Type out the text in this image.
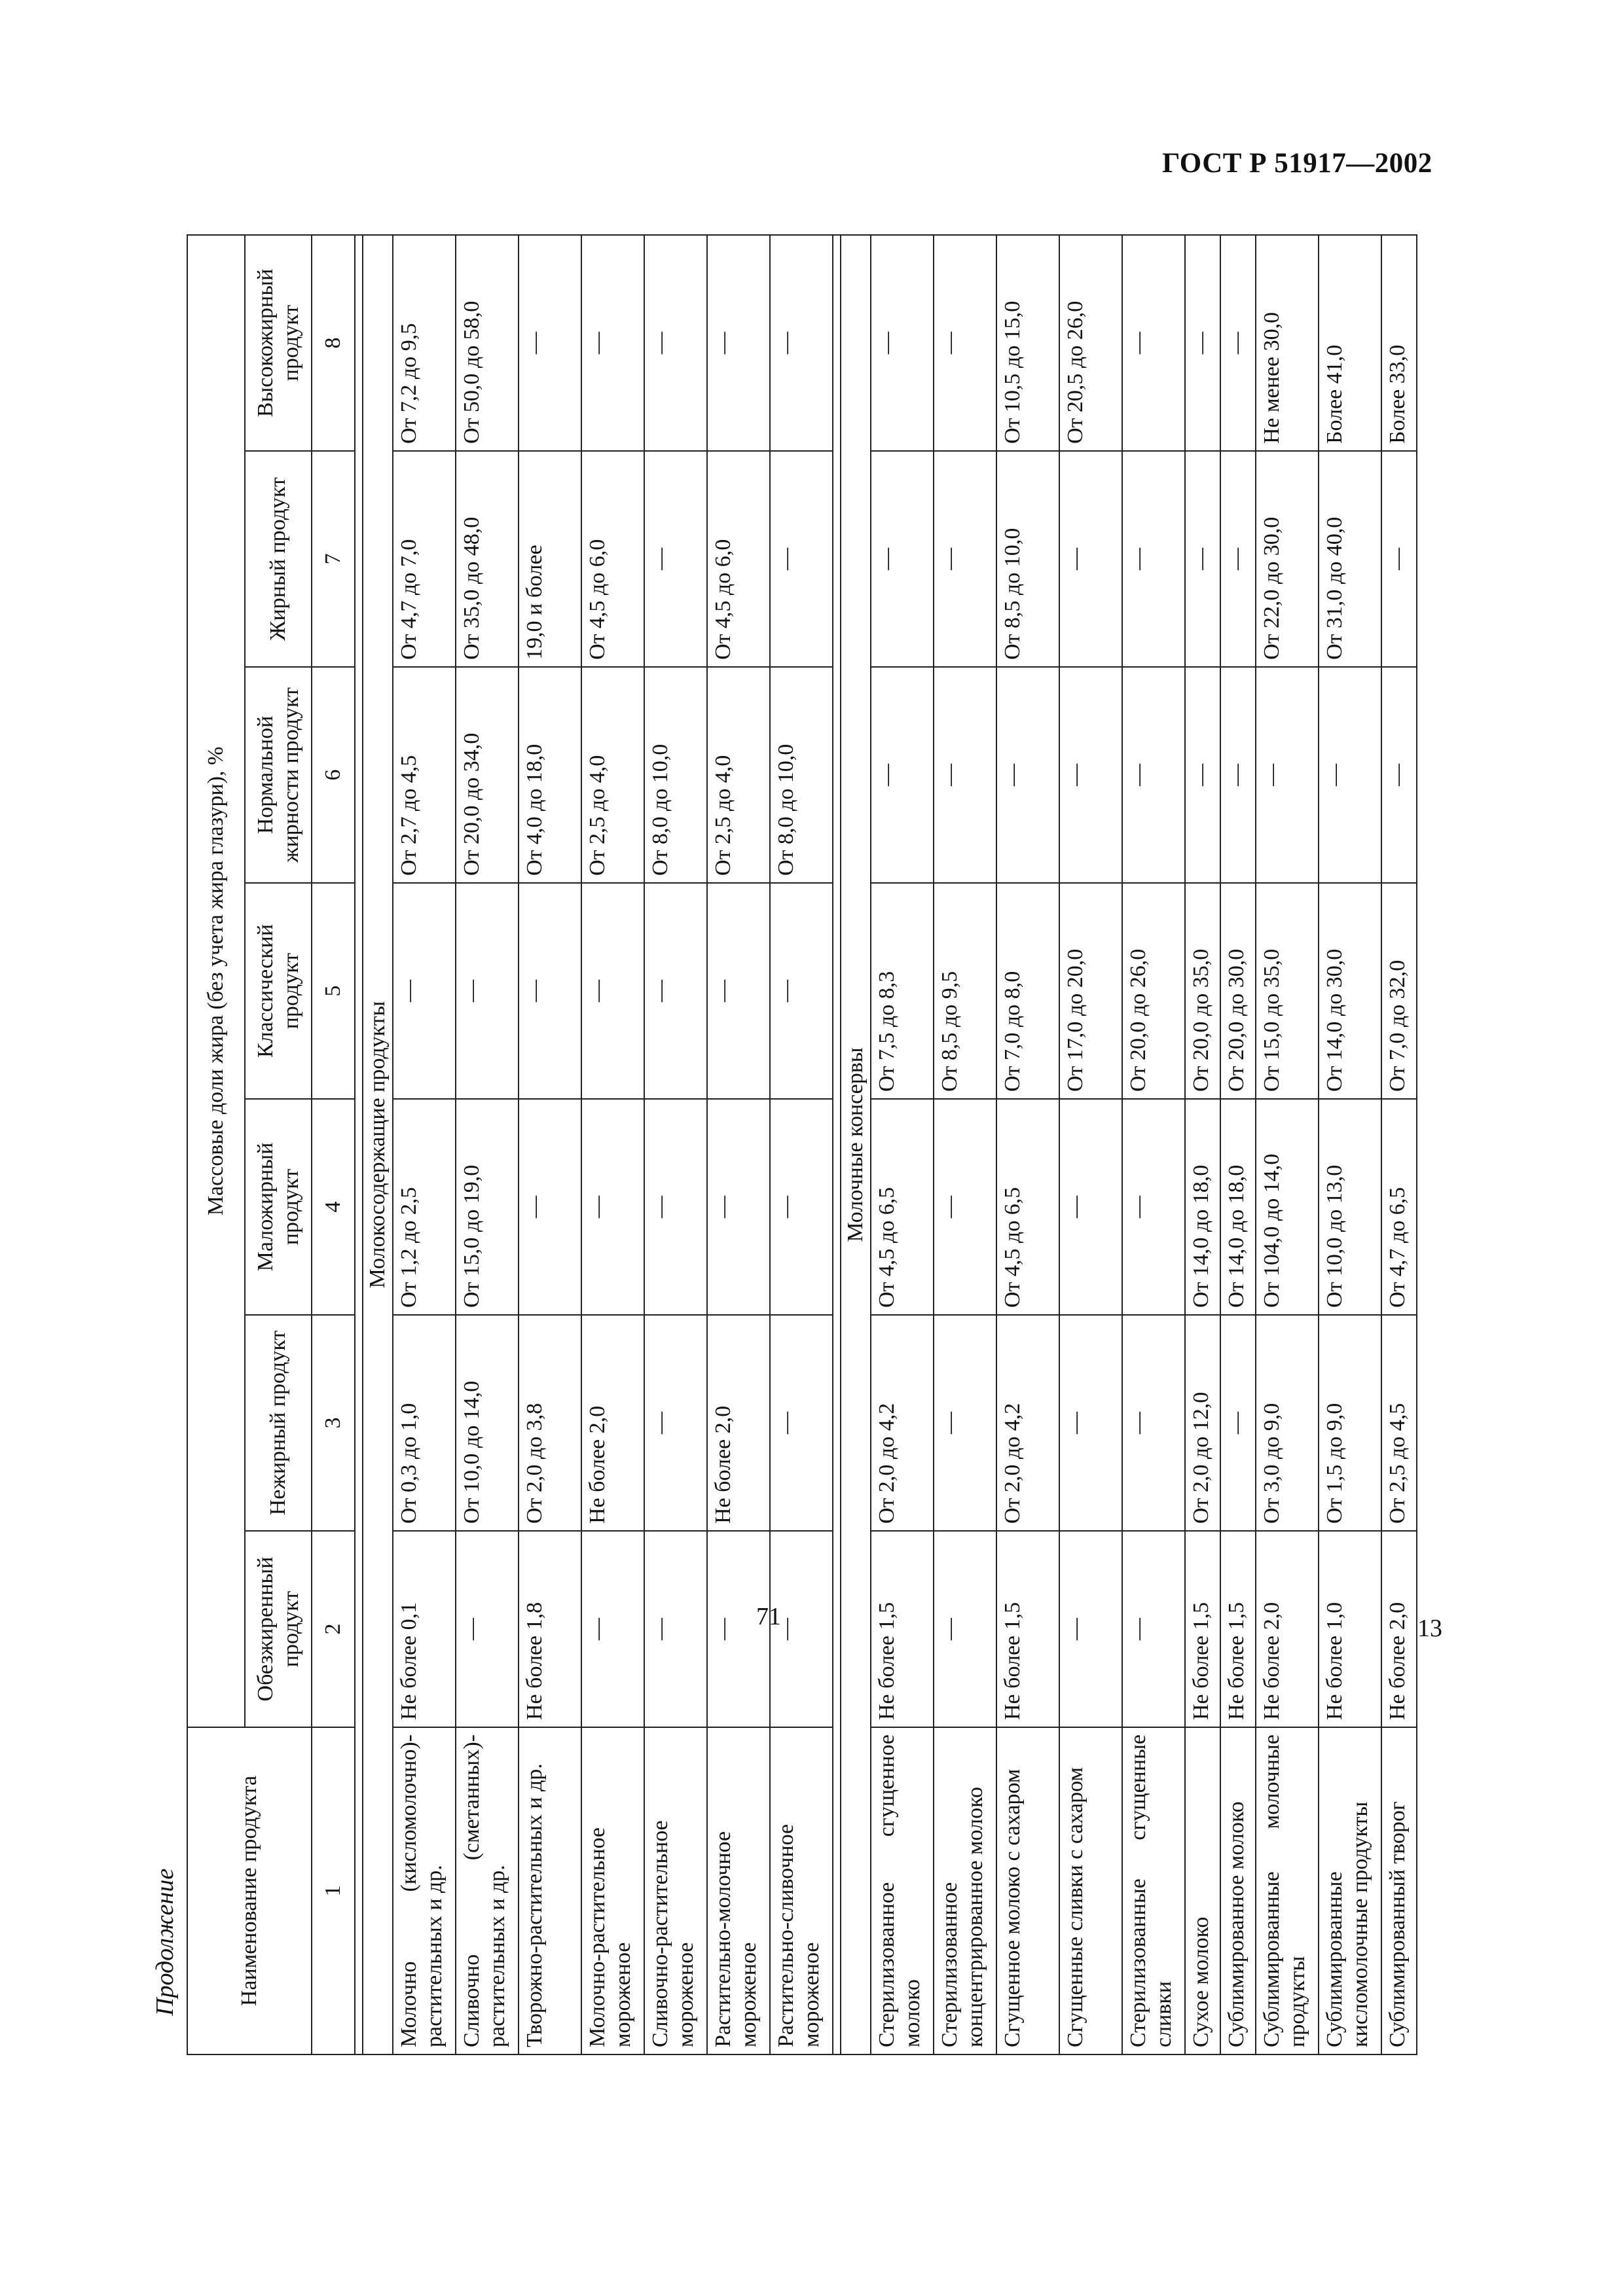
ГОСТ Р 51917—2002
Продолжение
71	13
Наименование продукта	Массовые доли жира (без учета жира глазури), %						
	Обезжиренный продукт	Нежирный продукт	Маложирный продукт	Классический продукт	Нормальной жирности продукт	Жирный продукт	Высокожирный продукт
1	2	3	4	5	6	7	8

Молокосодержащие продукты							
Молочно (кисломолочно)-растительных и др.	Не более 0,1	От 0,3 до 1,0	От 1,2 до 2,5	—	От 2,7 до 4,5	От 4,7 до 7,0	От 7,2 до 9,5
Сливочно (сметанных)-растительных и др.	—	От 10,0 до 14,0	От 15,0 до 19,0	—	От 20,0 до 34,0	От 35,0 до 48,0	От 50,0 до 58,0
Творожно-растительных и др.	Не более 1,8	От 2,0 до 3,8	—	—	От 4,0 до 18,0	19,0 и более	—
Молочно-растительное мороженое	—	Не более 2,0	—	—	От 2,5 до 4,0	От 4,5 до 6,0	—
Сливочно-растительное мороженое	—	—	—	—	От 8,0 до 10,0	—	—
Растительно-молочное мороженое	—	Не более 2,0	—	—	От 2,5 до 4,0	От 4,5 до 6,0	—
Растительно-сливочное мороженое	—	—	—	—	От 8,0 до 10,0	—	—

Молочные консервы							
Стерилизованное сгущенное молоко	Не более 1,5	От 2,0 до 4,2	От 4,5 до 6,5	От 7,5 до 8,3	—	—	—
Стерилизованное концентрированное молоко	—	—	—	От 8,5 до 9,5	—	—	—
Сгущенное молоко с сахаром	Не более 1,5	От 2,0 до 4,2	От 4,5 до 6,5	От 7,0 до 8,0	—	От 8,5 до 10,0	От 10,5 до 15,0
Сгущенные сливки с сахаром	—	—	—	От 17,0 до 20,0	—	—	От 20,5 до 26,0
Стерилизованные сгущенные сливки	—	—	—	От 20,0 до 26,0	—	—	—
Сухое молоко	Не более 1,5	От 2,0 до 12,0	От 14,0 до 18,0	От 20,0 до 35,0	—	—	—
Сублимированное молоко	Не более 1,5	—	От 14,0 до 18,0	От 20,0 до 30,0	—	—	—
Сублимированные молочные продукты	Не более 2,0	От 3,0 до 9,0	От 104,0 до 14,0	От 15,0 до 35,0	—	От 22,0 до 30,0	Не менее 30,0
Сублимированные кисломолочные продукты	Не более 1,0	От 1,5 до 9,0	От 10,0 до 13,0	От 14,0 до 30,0	—	От 31,0 до 40,0	Более 41,0
Сублимированный творог	Не более 2,0	От 2,5 до 4,5	От 4,7 до 6,5	От 7,0 до 32,0	—	—	Более 33,0
